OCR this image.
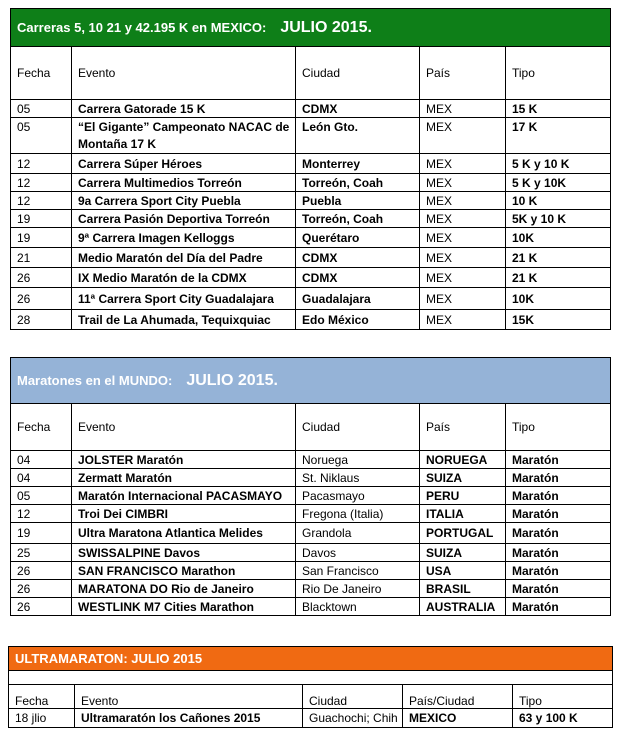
Carreras 5, 10 21 y 42.195 K en MEXICO: JULIO 2015.				
Fecha	Evento	Ciudad	País	Tipo
05	Carrera Gatorade 15 K	CDMX	MEX	15 K
05	“El Gigante” Campeonato NACAC de Montaña 17 K	León Gto.	MEX	17 K
12	Carrera Súper Héroes	Monterrey	MEX	5 K y 10 K
12	Carrera Multimedios Torreón	Torreón, Coah	MEX	5 K y 10K
12	9a Carrera Sport City Puebla	Puebla	MEX	10 K
19	Carrera Pasión Deportiva Torreón	Torreón, Coah	MEX	5K y 10 K
19	9ª Carrera Imagen Kelloggs	Querétaro	MEX	10K
21	Medio Maratón del Día del Padre	CDMX	MEX	21 K
26	IX Medio Maratón de la CDMX	CDMX	MEX	21 K
26	11ª Carrera Sport City Guadalajara	Guadalajara	MEX	10K
28	Trail de La Ahumada, Tequixquiac	Edo México	MEX	15K
Maratones en el MUNDO: JULIO 2015.				
Fecha	Evento	Ciudad	País	Tipo
04	JOLSTER Maratón	Noruega	NORUEGA	Maratón
04	Zermatt Maratón	St. Niklaus	SUIZA	Maratón
05	Maratón Internacional PACASMAYO	Pacasmayo	PERU	Maratón
12	Troi Dei CIMBRI	Fregona (Italia)	ITALIA	Maratón
19	Ultra Maratona Atlantica Melides	Grandola	PORTUGAL	Maratón
25	SWISSALPINE Davos	Davos	SUIZA	Maratón
26	SAN FRANCISCO Marathon	San Francisco	USA	Maratón
26	MARATONA DO Rio de Janeiro	Rio De Janeiro	BRASIL	Maratón
26	WESTLINK M7 Cities Marathon	Blacktown	AUSTRALIA	Maratón
ULTRAMARATON: JULIO 2015				

Fecha	Evento	Ciudad	País/Ciudad	Tipo
18 jlio	Ultramaratón los Cañones 2015	Guachochi; Chih	MEXICO	63 y 100 K
